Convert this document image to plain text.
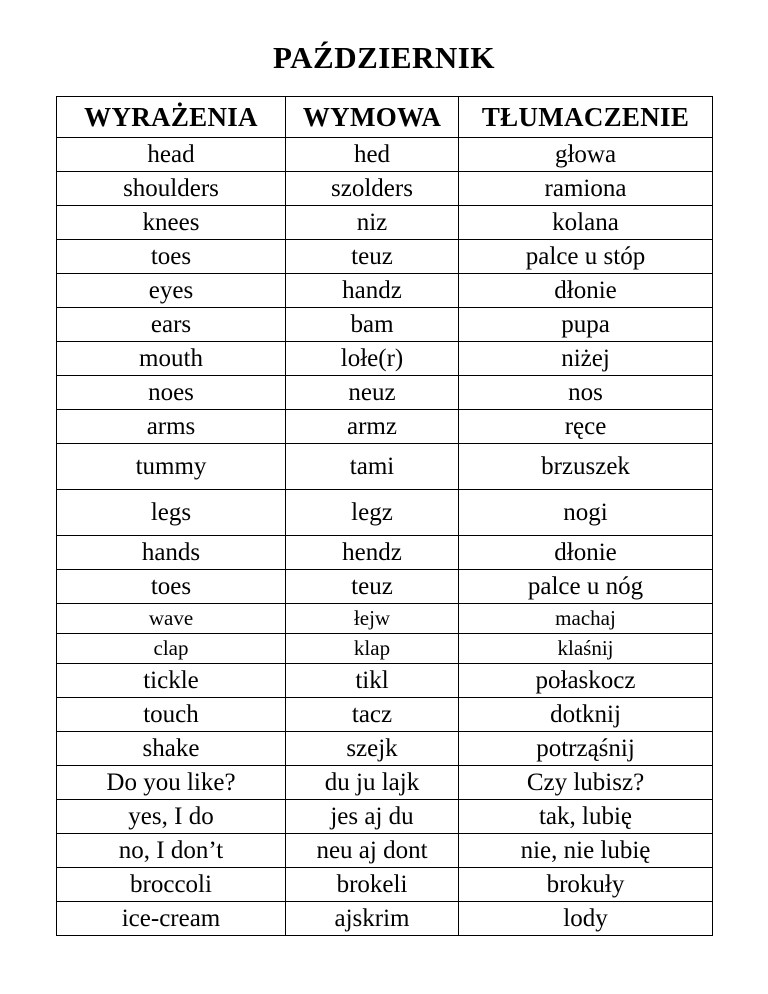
PAŹDZIERNIK
WYRAŻENIA	WYMOWA	TŁUMACZENIE
head	hed	głowa
shoulders	szolders	ramiona
knees	niz	kolana
toes	teuz	palce u stóp
eyes	handz	dłonie
ears	bam	pupa
mouth	lołe(r)	niżej
noes	neuz	nos
arms	armz	ręce
tummy	tami	brzuszek
legs	legz	nogi
hands	hendz	dłonie
toes	teuz	palce u nóg
wave	łejw	machaj
clap	klap	klaśnij
tickle	tikl	połaskocz
touch	tacz	dotknij
shake	szejk	potrząśnij
Do you like?	du ju lajk	Czy lubisz?
yes, I do	jes aj du	tak, lubię
no, I don’t	neu aj dont	nie, nie lubię
broccoli	brokeli	brokuły
ice-cream	ajskrim	lody
